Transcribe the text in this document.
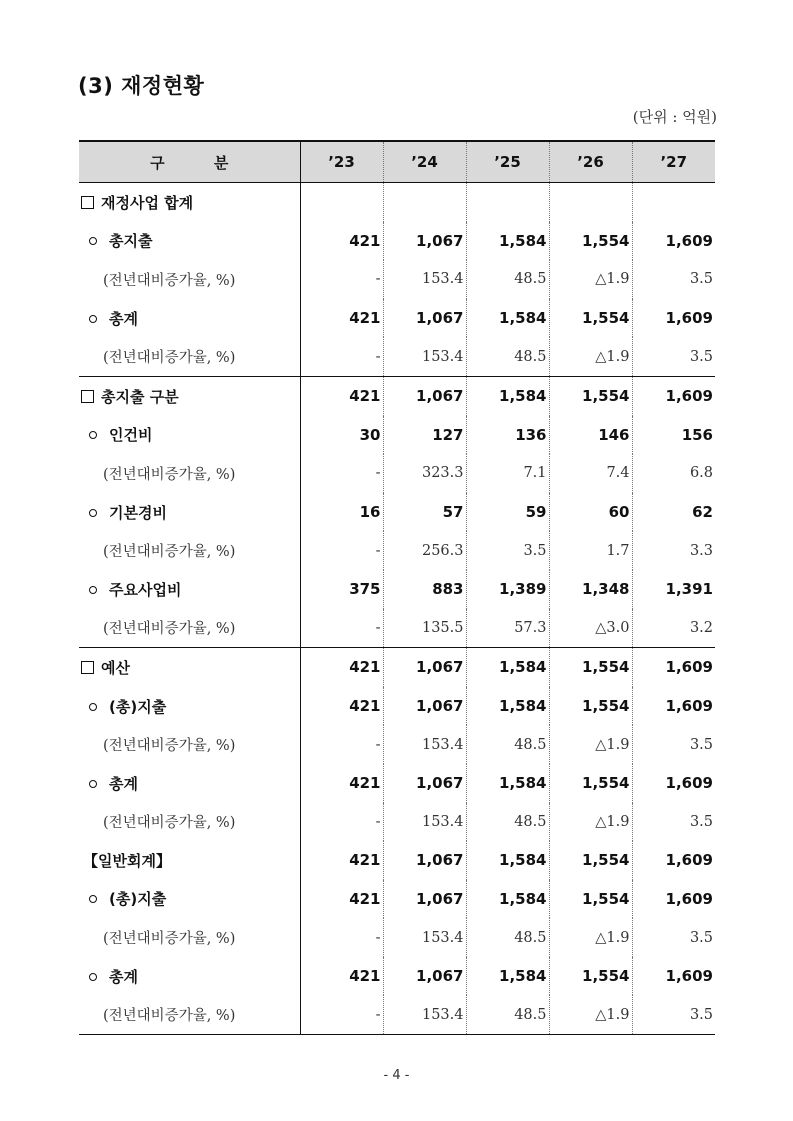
(3) 재정현황
(단위 : 억원)
구 분	’23	’24	’25	’26	’27
재정사업 합계					
총지출	421	1,067	1,584	1,554	1,609
(전년대비증가율, %)	-	153.4	48.5	△1.9	3.5
총계	421	1,067	1,584	1,554	1,609
(전년대비증가율, %)	-	153.4	48.5	△1.9	3.5
총지출 구분	421	1,067	1,584	1,554	1,609
인건비	30	127	136	146	156
(전년대비증가율, %)	-	323.3	7.1	7.4	6.8
기본경비	16	57	59	60	62
(전년대비증가율, %)	-	256.3	3.5	1.7	3.3
주요사업비	375	883	1,389	1,348	1,391
(전년대비증가율, %)	-	135.5	57.3	△3.0	3.2
예산	421	1,067	1,584	1,554	1,609
(총)지출	421	1,067	1,584	1,554	1,609
(전년대비증가율, %)	-	153.4	48.5	△1.9	3.5
총계	421	1,067	1,584	1,554	1,609
(전년대비증가율, %)	-	153.4	48.5	△1.9	3.5
【일반회계】	421	1,067	1,584	1,554	1,609
(총)지출	421	1,067	1,584	1,554	1,609
(전년대비증가율, %)	-	153.4	48.5	△1.9	3.5
총계	421	1,067	1,584	1,554	1,609
(전년대비증가율, %)	-	153.4	48.5	△1.9	3.5
- 4 -
